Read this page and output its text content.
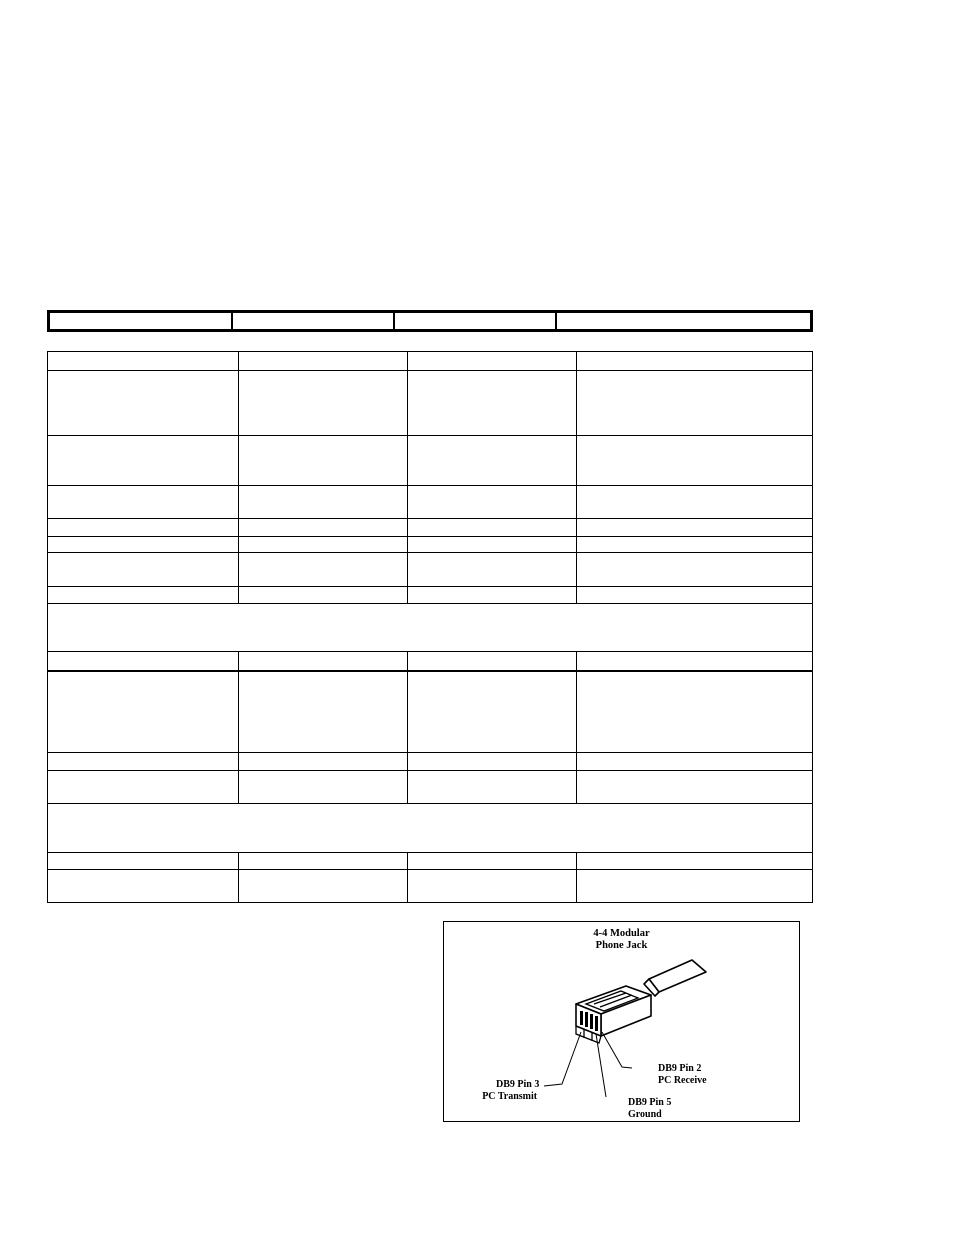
4-4 Modular
Phone Jack
DB9 Pin 3
PC Transmit
DB9 Pin 2
PC Receive
DB9 Pin 5
Ground
